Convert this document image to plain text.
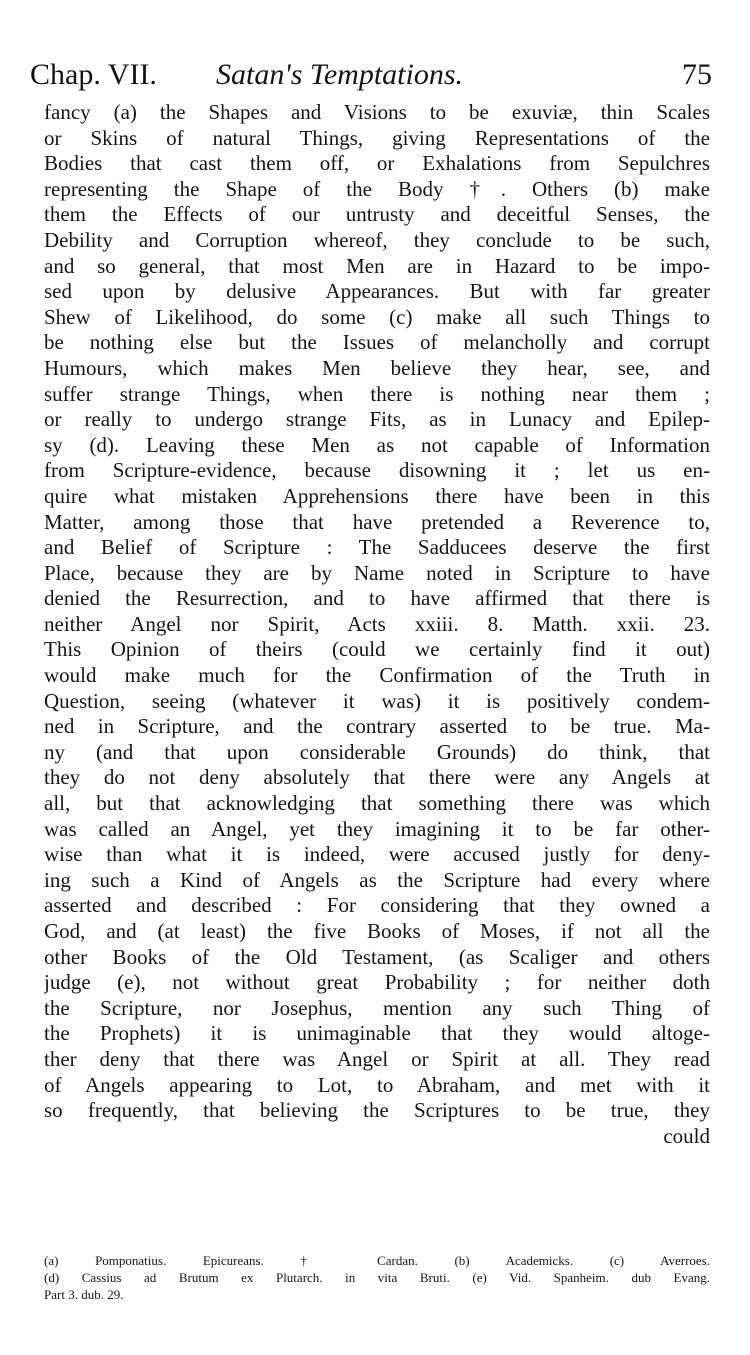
Chap. VII. Satan's Temptations.	75
fancy (a) the Shapes and Visions to be exuviæ, thin Scales
or Skins of natural Things, giving Representations of the
Bodies that cast them off, or Exhalations from Sepulchres
representing the Shape of the Body †. Others (b) make
them the Effects of our untrusty and deceitful Senses, the
Debility and Corruption whereof, they conclude to be such,
and so general, that most Men are in Hazard to be impo-
sed upon by delusive Appearances. But with far greater
Shew of Likelihood, do some (c) make all such Things to
be nothing else but the Issues of melancholly and corrupt
Humours, which makes Men believe they hear, see, and
suffer strange Things, when there is nothing near them ;
or really to undergo strange Fits, as in Lunacy and Epilep-
sy (d). Leaving these Men as not capable of Information
from Scripture-evidence, because disowning it ; let us en-
quire what mistaken Apprehensions there have been in this
Matter, among those that have pretended a Reverence to,
and Belief of Scripture : The Sadducees deserve the first
Place, because they are by Name noted in Scripture to have
denied the Resurrection, and to have affirmed that there is
neither Angel nor Spirit, Acts xxiii. 8. Matth. xxii. 23.
This Opinion of theirs (could we certainly find it out)
would make much for the Confirmation of the Truth in
Question, seeing (whatever it was) it is positively condem-
ned in Scripture, and the contrary asserted to be true. Ma-
ny (and that upon considerable Grounds) do think, that
they do not deny absolutely that there were any Angels at
all, but that acknowledging that something there was which
was called an Angel, yet they imagining it to be far other-
wise than what it is indeed, were accused justly for deny-
ing such a Kind of Angels as the Scripture had every where
asserted and described : For considering that they owned a
God, and (at least) the five Books of Moses, if not all the
other Books of the Old Testament, (as Scaliger and others
judge (e), not without great Probability ; for neither doth
the Scripture, nor Josephus, mention any such Thing of
the Prophets) it is unimaginable that they would altoge-
ther deny that there was Angel or Spirit at all. They read
of Angels appearing to Lot, to Abraham, and met with it
so frequently, that believing the Scriptures to be true, they
could
(a) Pomponatius. Epicureans. † Cardan. (b) Academicks. (c) Averroes.
(d) Cassius ad Brutum ex Plutarch. in vita Bruti. (e) Vid. Spanheim. dub Evang.
Part 3. dub. 29.
